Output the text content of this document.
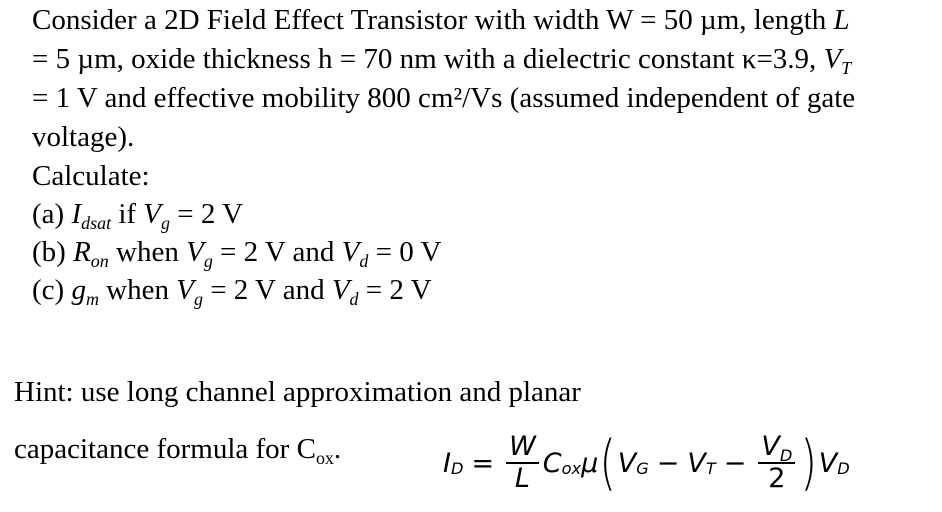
Consider a 2D Field Effect Transistor with width W = 50 µm, length L
= 5 µm, oxide thickness h = 70 nm with a dielectric constant κ=3.9, $V_T$
= 1 V and effective mobility 800 cm²/Vs (assumed independent of gate
voltage).
Calculate:
(a) $I_{dsat}$ if $V_g = 2$ V
(b) $R_{on}$ when $V_g = 2$ V and $V_d = 0$ V
(c) $g_m$ when $V_g = 2$ V and $V_d = 2$ V
Hint: use long channel approximation and planar
capacitance formula for $C_{ox}$.	$I_D = \frac{W}{L} C_{ox}$ μ ( $V_G - V_T - \frac{V_D}{2}$ ) $V_D$
